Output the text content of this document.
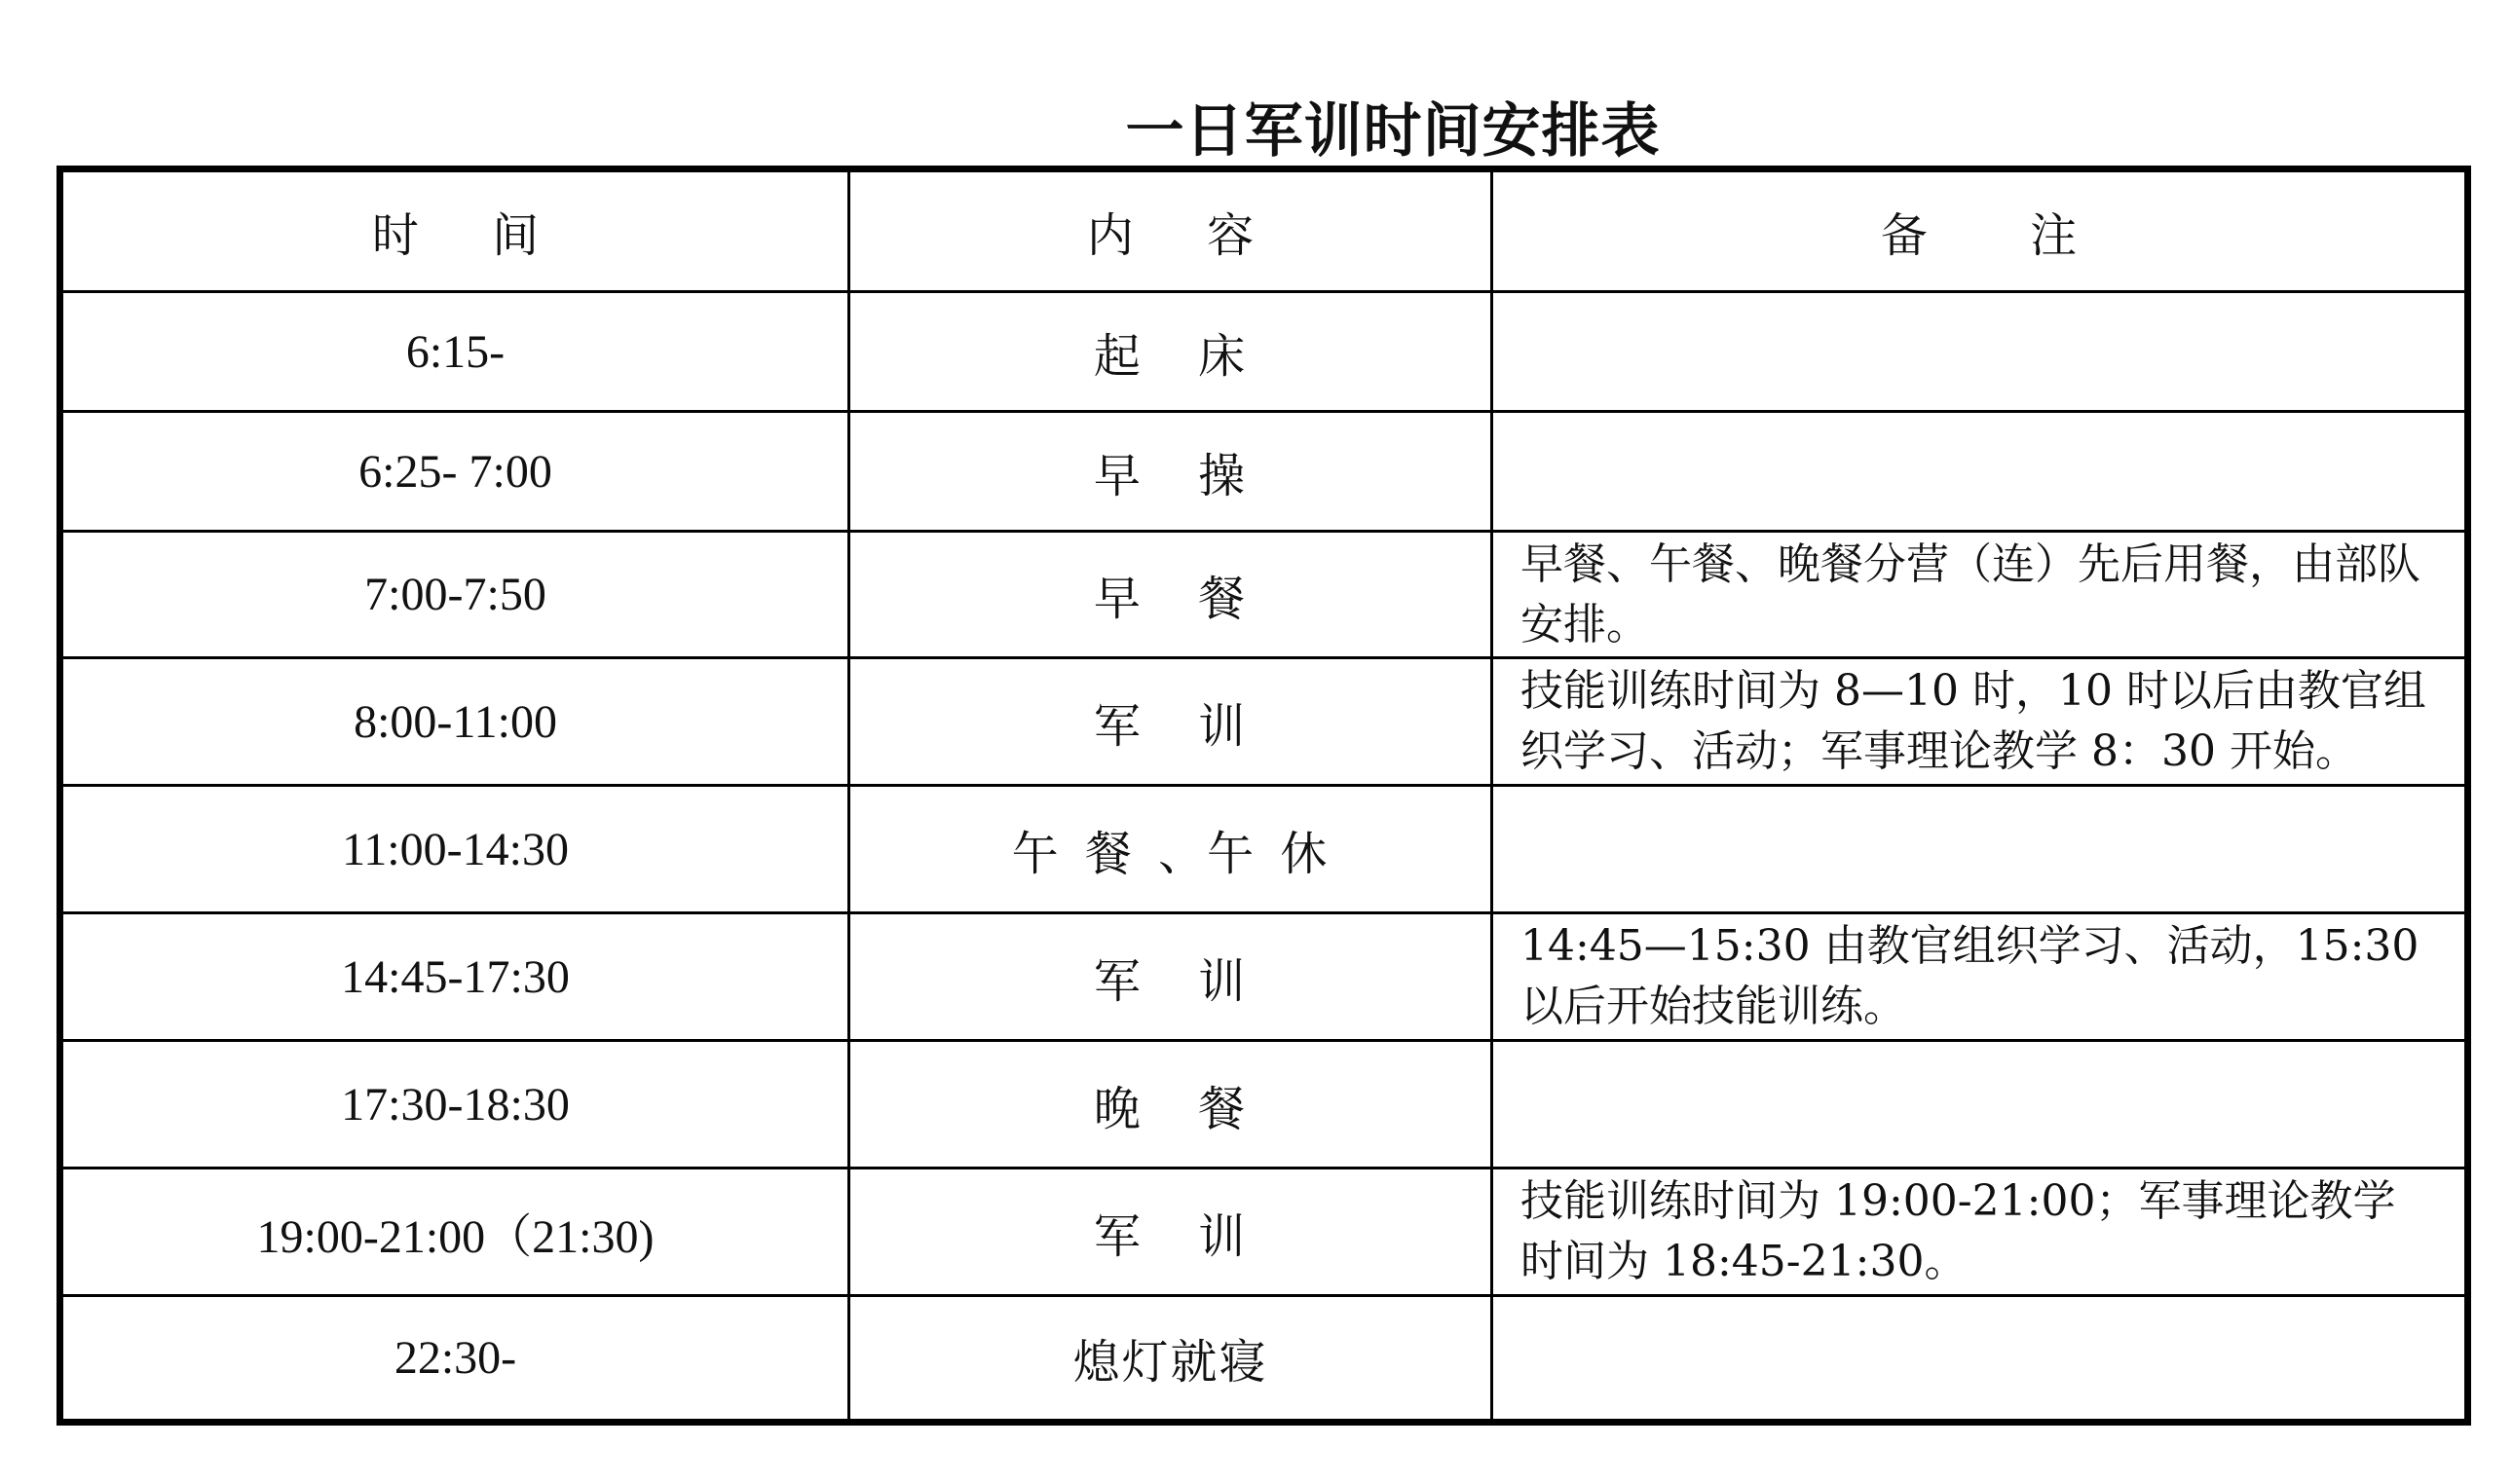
一日军训时间安排表
时 间	内 容	备 注
6:15-	起 床	
6:25- 7:00	早 操	
7:00-7:50	早 餐	早餐、午餐、晚餐分营（连）先后用餐，由部队安排。
8:00-11:00	军 训	技能训练时间为 8—10 时，10 时以后由教官组织学习、活动；军事理论教学 8：30 开始。
11:00-14:30	午 餐 、午 休	
14:45-17:30	军 训	14:45—15:30 由教官组织学习、活动，15:30 以后开始技能训练。
17:30-18:30	晚 餐	
19:00-21:00（21:30)	军 训	技能训练时间为 19:00-21:00；军事理论教学时间为 18:45-21:30。
22:30-	熄灯就寝	
